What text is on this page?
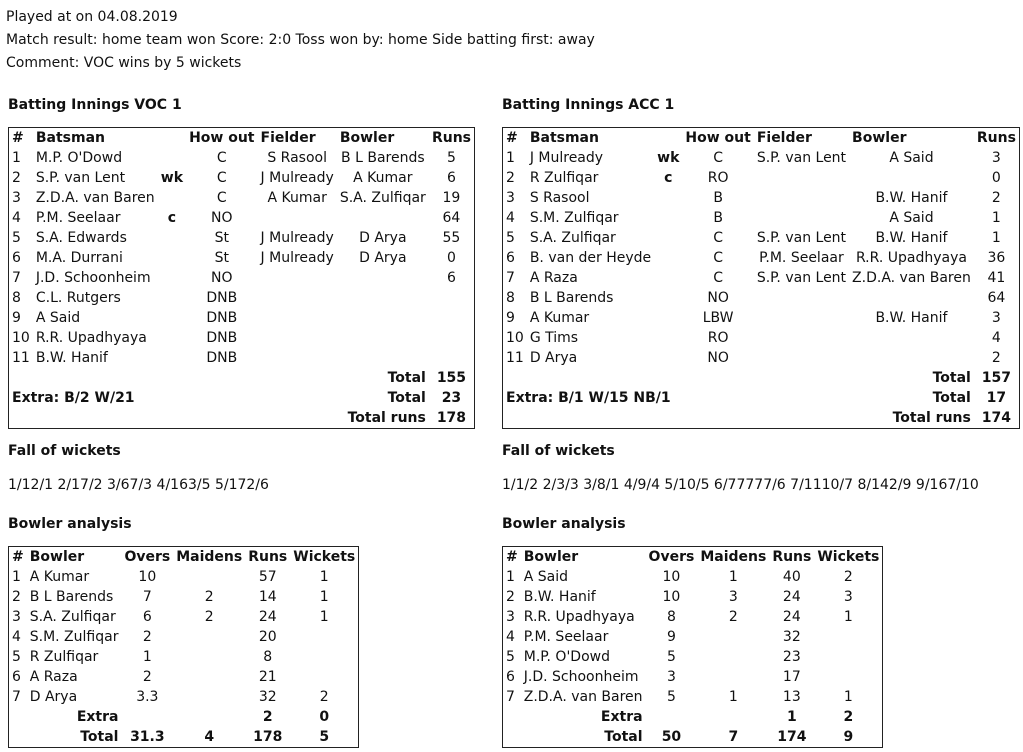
Played at on 04.08.2019
Match result: home team won Score: 2:0 Toss won by: home Side batting first: away
Comment: VOC wins by 5 wickets
Batting Innings VOC 1
#	Batsman		How out	Fielder	Bowler	Runs
1	M.P. O'Dowd		C	S Rasool	B L Barends	5
2	S.P. van Lent	wk	C	J Mulready	A Kumar	6
3	Z.D.A. van Baren		C	A Kumar	S.A. Zulfiqar	19
4	P.M. Seelaar	c	NO			64
5	S.A. Edwards		St	J Mulready	D Arya	55
6	M.A. Durrani		St	J Mulready	D Arya	0
7	J.D. Schoonheim		NO			6
8	C.L. Rutgers		DNB			
9	A Said		DNB			
10	R.R. Upadhyaya		DNB			
11	B.W. Hanif		DNB			
					Total	155
Extra: B/2 W/21					Total	23
					Total runs	178
Fall of wickets
1/12/1 2/17/2 3/67/3 4/163/5 5/172/6
Bowler analysis
#	Bowler	Overs	Maidens	Runs	Wickets
1	A Kumar	10		57	1
2	B L Barends	7	2	14	1
3	S.A. Zulfiqar	6	2	24	1
4	S.M. Zulfiqar	2		20	
5	R Zulfiqar	1		8	
6	A Raza	2		21	
7	D Arya	3.3		32	2
	Extra			2	0
	Total	31.3	4	178	5
Batting Innings ACC 1
#	Batsman		How out	Fielder	Bowler	Runs
1	J Mulready	wk	C	S.P. van Lent	A Said	3
2	R Zulfiqar	c	RO			0
3	S Rasool		B		B.W. Hanif	2
4	S.M. Zulfiqar		B		A Said	1
5	S.A. Zulfiqar		C	S.P. van Lent	B.W. Hanif	1
6	B. van der Heyde		C	P.M. Seelaar	R.R. Upadhyaya	36
7	A Raza		C	S.P. van Lent	Z.D.A. van Baren	41
8	B L Barends		NO			64
9	A Kumar		LBW		B.W. Hanif	3
10	G Tims		RO			4
11	D Arya		NO			2
					Total	157
Extra: B/1 W/15 NB/1					Total	17
					Total runs	174
Fall of wickets
1/1/2 2/3/3 3/8/1 4/9/4 5/10/5 6/77777/6 7/1110/7 8/142/9 9/167/10
Bowler analysis
#	Bowler	Overs	Maidens	Runs	Wickets
1	A Said	10	1	40	2
2	B.W. Hanif	10	3	24	3
3	R.R. Upadhyaya	8	2	24	1
4	P.M. Seelaar	9		32	
5	M.P. O'Dowd	5		23	
6	J.D. Schoonheim	3		17	
7	Z.D.A. van Baren	5	1	13	1
	Extra			1	2
	Total	50	7	174	9
